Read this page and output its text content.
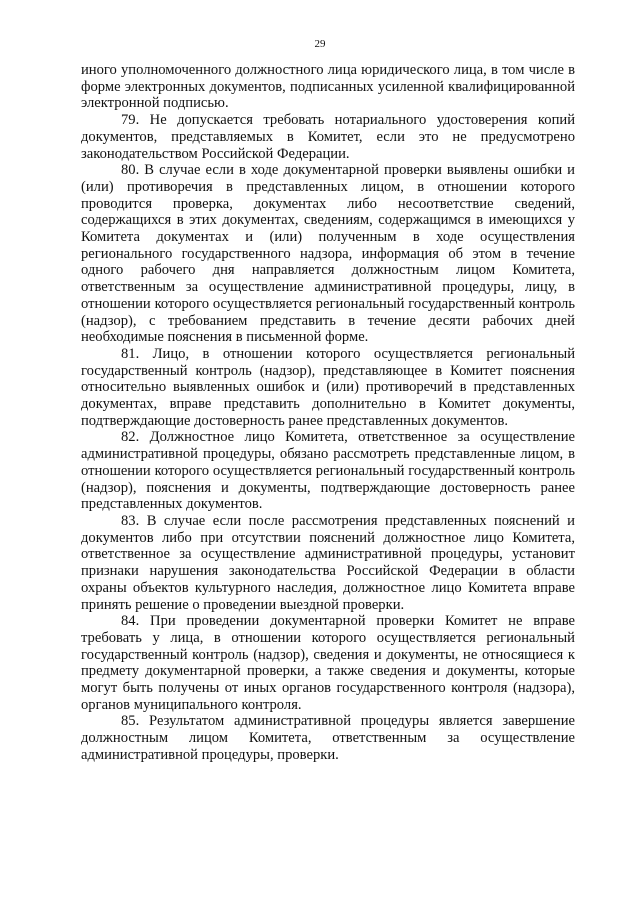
29

иного уполномоченного должностного лица юридического лица, в том числе в форме электронных документов, подписанных усиленной квалифицированной электронной подписью.

79. Не допускается требовать нотариального удостоверения копий документов, представляемых в Комитет, если это не предусмотрено законодательством Российской Федерации.

80. В случае если в ходе документарной проверки выявлены ошибки и (или) противоречия в представленных лицом, в отношении которого проводится проверка, документах либо несоответствие сведений, содержащихся в этих документах, сведениям, содержащимся в имеющихся у Комитета документах и (или) полученным в ходе осуществления регионального государственного надзора, информация об этом в течение одного рабочего дня направляется должностным лицом Комитета, ответственным за осуществление административной процедуры, лицу, в отношении которого осуществляется региональный государственный контроль (надзор), с требованием представить в течение десяти рабочих дней необходимые пояснения в письменной форме.

81. Лицо, в отношении которого осуществляется региональный государственный контроль (надзор), представляющее в Комитет пояснения относительно выявленных ошибок и (или) противоречий в представленных документах, вправе представить дополнительно в Комитет документы, подтверждающие достоверность ранее представленных документов.

82. Должностное лицо Комитета, ответственное за осуществление административной процедуры, обязано рассмотреть представленные лицом, в отношении которого осуществляется региональный государственный контроль (надзор), пояснения и документы, подтверждающие достоверность ранее представленных документов.

83. В случае если после рассмотрения представленных пояснений и документов либо при отсутствии пояснений должностное лицо Комитета, ответственное за осуществление административной процедуры, установит признаки нарушения законодательства Российской Федерации в области охраны объектов культурного наследия, должностное лицо Комитета вправе принять решение о проведении выездной проверки.

84. При проведении документарной проверки Комитет не вправе требовать у лица, в отношении которого осуществляется региональный государственный контроль (надзор), сведения и документы, не относящиеся к предмету документарной проверки, а также сведения и документы, которые могут быть получены от иных органов государственного контроля (надзора), органов муниципального контроля.

85. Результатом административной процедуры является завершение должностным лицом Комитета, ответственным за осуществление административной процедуры, проверки.
